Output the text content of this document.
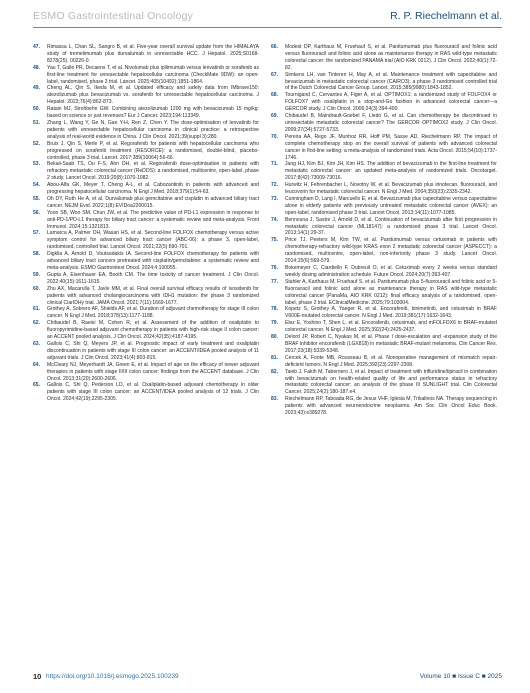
ESMO Gastrointestinal Oncology	R. P. Riechelmann et al.

47. Rimassa L, Chan SL, Sangro B, et al. Five-year overall survival update from the HIMALAYA study of tremelimumab plus durvalumab in unresectable HCC. J Hepatol. 2025;S0168-8278(25). 00226-0.

48. Yau T, Galle PR, Decaens T, et al. Nivolumab plus ipilimumab versus lenvatinib or sorafenib as first-line treatment for unresectable hepatocellular carcinoma (CheckMate 9DW): an open-label, randomised, phase 3 trial. Lancet. 2025;405(10492):1851-1864.

49. Cheng AL, Qin S, Ikeda M, et al. Updated efficacy and safety data from IMbrave150: atezolizumab plus bevacizumab vs. sorafenib for unresectable hepatocellular carcinoma. J Hepatol. 2022;76(4):862-873.

50. Ratain MJ, Strohbehn GW. Combining atezolizumab 1200 mg with bevacizumab 15 mg/kg: based on science or just revenues? Eur J Cancer. 2023;194:113349.

51. Zhang L, Wang Y, Ge N, Gan Y-H, Ren Z, Chen Y. The dose-optimisation of lenvatinib for patients with unresectable hepatocellular carcinoma in clinical practice: a retrospective analysis of real-world evidence in China. J Clin Oncol. 2021;39(suppl 3):280.

52. Bruix J, Qin S, Merle P, et al. Regorafenib for patients with hepatocellular carcinoma who progressed on sorafenib treatment (RESORCE): a randomised, double-blind, placebo-controlled, phase 3 trial. Lancet. 2017;389(10064):56-66.

53. Bekaii-Saab TS, Ou F-S, Ahn DH, et al. Regorafenib dose-optimisation in patients with refractory metastatic colorectal cancer (ReDOS): a randomised, multicentre, open-label, phase 2 study. Lancet Oncol. 2019;20(8):1070-1082.

54. Abou-Alfa GK, Meyer T, Cheng A-L, et al. Cabozantinib in patients with advanced and progressing hepatocellular carcinoma. N Engl J Med. 2018;379(1):54-63.

55. Oh DY, Ruth He A, et al. Durvalumab plus gemcitabine and cisplatin in advanced biliary tract cancer. NEJM Evid. 2022;1(8):EVIDoa2200015.

56. Yoon SB, Woo SM, Chun JW, et al. The predictive value of PD-L1 expression in response to anti-PD-1/PD-L1 therapy for biliary tract cancer: a systematic review and meta-analysis. Front Immunol. 2024;15:1321813.

57. Lamarca A, Palmer DH, Wasan HS, et al. Second-line FOLFOX chemotherapy versus active symptom control for advanced biliary tract cancer (ABC-06): a phase 3, open-label, randomised, controlled trial. Lancet Oncol. 2021;22(5):690-701.

58. Digklia A, Arnold D, Voutsadakis IA. Second-line FOLFOX chemotherapy for patients with advanced biliary tract cancers pretreated with cisplatin/gemcitabine: a systematic review and meta-analysis. ESMO Gastrointest Oncol. 2024;4:100055.

59. Gupta A, Eisenhauer EA, Booth CM. The time toxicity of cancer treatment. J Clin Oncol. 2022;40(15):1611-1615.

60. Zhu AX, Macarulla T, Javle MM, et al. Final overall survival efficacy results of ivosidenib for patients with advanced cholangiocarcinoma with IDH1 mutation: the phase 3 randomized clinical ClarIDHy trial. JAMA Oncol. 2021;7(11):1669-1677.

61. Grothey A, Sobrero AF, Shields AF, et al. Duration of adjuvant chemotherapy for stage III colon cancer. N Engl J Med. 2018;378(13):1177-1188.

62. Chibaudel B, Raeisi M, Cohen R, et al. Assessment of the addition of oxaliplatin to fluoropyrimidine-based adjuvant chemotherapy in patients with high-risk stage II colon cancer: an ACCENT pooled analysis. J Clin Oncol. 2024;42(35):4187-4195.

63. Gallois C, Shi Q, Meyers JP, et al. Prognostic impact of early treatment and oxaliplatin discontinuation in patients with stage III colon cancer: an ACCENT/IDEA pooled analysis of 11 adjuvant trials. J Clin Oncol. 2023;41(4):803-815.

64. McCleary NJ, Meyerhardt JA, Green E, et al. Impact of age on the efficacy of newer adjuvant therapies in patients with stage II/III colon cancer: findings from the ACCENT database. J Clin Oncol. 2013;31(20):2600-2606.

65. Gallois C, Shi Q, Pederson LD, et al. Oxaliplatin-based adjuvant chemotherapy in older patients with stage III colon cancer: an ACCENT/IDEA pooled analysis of 12 trials. J Clin Oncol. 2024;42(19):2295-2305.

66. Modest DP, Karthaus M, Fruehauf S, et al. Panitumumab plus fluorouracil and folinic acid versus fluorouracil and folinic acid alone as maintenance therapy in RAS wild-type metastatic colorectal cancer: the randomized PANAMA trial (AIO KRK 0212). J Clin Oncol. 2022;40(1):72-82.

67. Simkens LH, van Tinteren H, May A, et al. Maintenance treatment with capecitabine and bevacizumab in metastatic colorectal cancer (CAIRO3): a phase 3 randomised controlled trial of the Dutch Colorectal Cancer Group. Lancet. 2015;385(9980):1843-1852.

68. Tournigand C, Cervantes A, Figer A, et al. OPTIMOX1: a randomized study of FOLFOX4 or FOLFOX7 with oxaliplatin in a stop-and-Go fashion in advanced colorectal cancer—a GERCOR study. J Clin Oncol. 2006;24(3):394-400.

69. Chibaudel B, Maindrault-Goebel F, Lledo G, et al. Can chemotherapy be discontinued in unresectable metastatic colorectal cancer? The GERCOR OPTIMOX2 study. J Clin Oncol. 2009;27(34):5727-5733.

70. Pereira AA, Rego JF, Munhoz RR, Hoff PM, Sasse AD, Riechelmann RP. The impact of complete chemotherapy stop on the overall survival of patients with advanced colorectal cancer in first-line setting: a meta-analysis of randomized trials. Acta Oncol. 2015;54(10):1737-1746.

71. Jang HJ, Kim BJ, Kim JH, Kim HS. The addition of bevacizumab in the first-line treatment for metastatic colorectal cancer: an updated meta-analysis of randomized trials. Oncotarget. 2017;8(42):73009-73016.

72. Hurwitz H, Fehrenbacher L, Novotny W, et al. Bevacizumab plus irinotecan, fluorouracil, and leucovorin for metastatic colorectal cancer. N Engl J Med. 2004;350(23):2335-2342.

73. Cunningham D, Lang I, Marcuello E, et al. Bevacizumab plus capecitabine versus capecitabine alone in elderly patients with previously untreated metastatic colorectal cancer (AVEX): an open-label, randomised phase 3 trial. Lancet Oncol. 2013;14(11):1077-1085.

74. Bennouna J, Sastre J, Arnold D, et al. Continuation of bevacizumab after first progression in metastatic colorectal cancer (ML18147): a randomised phase 3 trial. Lancet Oncol. 2013;14(1):29-37.

75. Price TJ, Peeters M, Kim TW, et al. Panitumumab versus cetuximab in patients with chemotherapy-refractory wild-type KRAS exon 2 metastatic colorectal cancer (ASPECCT): a randomised, multicentre, open-label, non-inferiority phase 3 study. Lancet Oncol. 2014;15(6):569-579.

76. Bokemeyer C, Ciardiello F, Dubreuil O, et al. Cetuximab every 2 weeks versus standard weekly dosing administration schedule. Future Oncol. 2024;20(7):393-407.

77. Stahler A, Karthaus M, Fruehauf S, et al. Panitumumab plus 5-fluorouracil and folinic acid or 5-fluorouracil and folinic acid alone as maintenance therapy in RAS wild-type metastatic colorectal cancer (PanaMa, AIO KRK 0212): final efficacy analysis of a randomised, open-label, phase 2 trial. EClinicalMedicine. 2025;79:103004.

78. Kopetz S, Grothey A, Yaeger R, et al. Encorafenib, binimetinib, and cetuximab in BRAF V600E-mutated colorectal cancer. N Engl J Med. 2019;381(17):1632-1643.

79. Elez E, Yoshino T, Shen L, et al. Encorafenib, cetuximab, and mFOLFOX6 in BRAF-mutated colorectal cancer. N Engl J Med. 2025;392(24):2425-2437.

80. Delord JP, Robert C, Nyakas M, et al. Phase I dose-escalation and -expansion study of the BRAF inhibitor encorafenib (LGX818) in metastatic BRAF-mutant melanoma. Clin Cancer Res. 2017;23(18):5339-5348.

81. Cercek A, Foote MB, Rousseau B, et al. Nonoperative management of mismatch repair-deficient tumors. N Engl J Med. 2025;392(23):2297-2308.

82. Taieb J, Fakih M, Tabernero J, et al. Impact of treatment with trifluridine/tipiracil in combination with bevacizumab on health-related quality of life and performance status in refractory metastatic colorectal cancer: an analysis of the phase III SUNLIGHT trial. Clin Colorectal Cancer. 2025;24(2):180-187.e4.

83. Riechelmann RP, Taboada RG, de Jesus VHF, Iglesia M, Trikalinos NA. Therapy sequencing in patients with advanced neuroendocrine neoplasms. Am Soc Clin Oncol Educ Book. 2023;43):e389278.

10 https://doi.org/10.1016/j.esmogo.2025.100239	Volume 10 ■ Issue C ■ 2025
